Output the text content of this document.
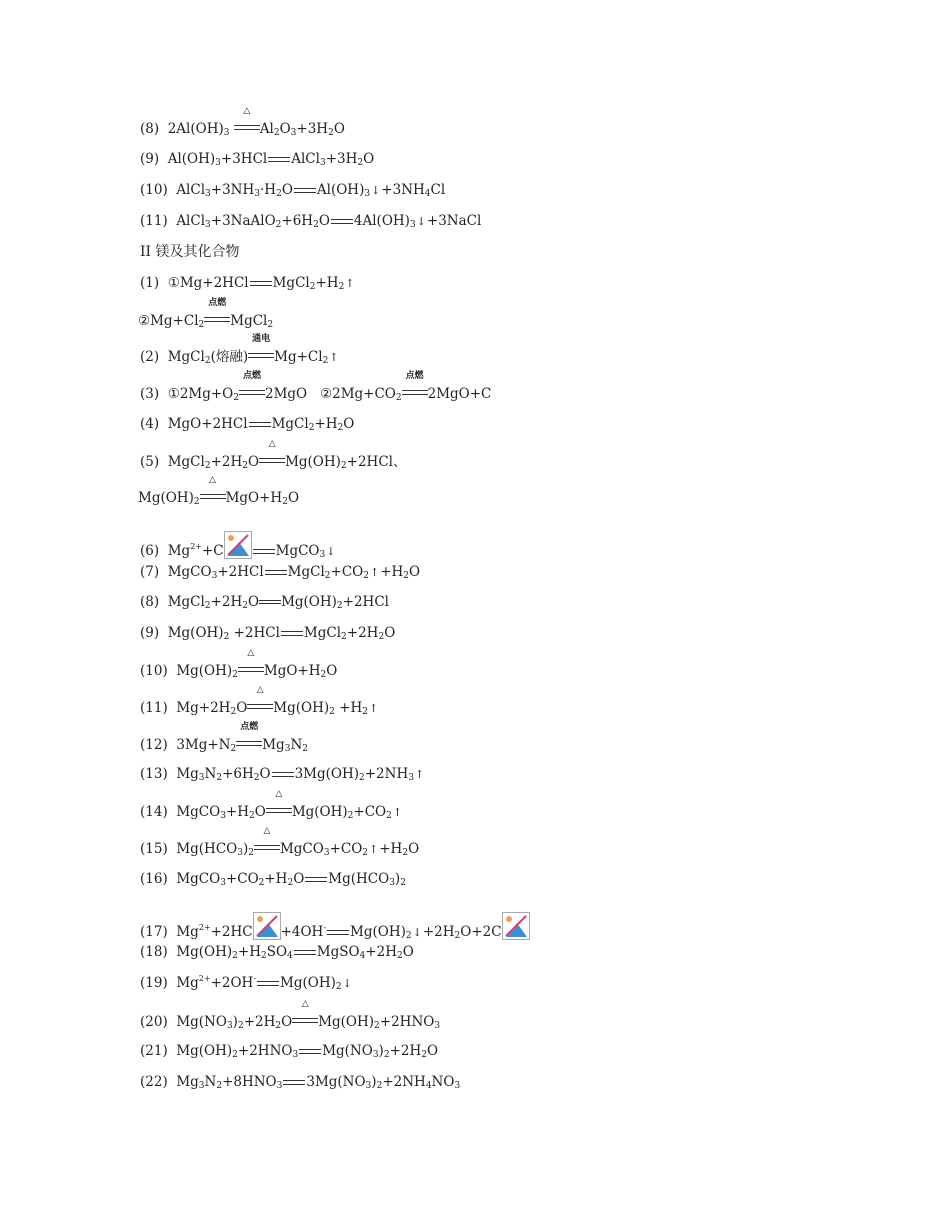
(8) $2Al(OH)_3$
△
$Al_2O_3+3H_2O$
(9) $Al(OH)_3+3HCl$ $AlCl_3+3H_2O$
(10) $AlCl_3+3NH_3\cdot H_2O$ $Al(OH)_3↓+3NH_4Cl$
(11) $AlCl_3+3NaAlO_2+6H_2O$ $4Al(OH)_3↓+3NaCl$
II 镁及其化合物
(1) ①Mg+2HCl $MgCl_2+H_2↑$
$②Mg+Cl_2$
点燃
MgCl$_2$
(2) MgCl$_2$(熔融)
通电
$Mg+Cl_2↑$
(3) $①2Mg+O_2$
点燃
2MgO $②2Mg+CO_2$
点燃
2MgO+C
(4) MgO+2HCl $MgCl_2+H_2O$
(5) $MgCl_2+2H_2O$
△
$Mg(OH)_2+2HCl$、
$Mg(OH)_2$
△
$MgO+H_2O$
(6) $Mg^{2+}+C$	MgCO$_3$↓
(7) MgCO$_3$+2HCl $MgCl_2+CO_2↑+H_2O$
(8) $MgCl_2+2H_2O$ $Mg(OH)_2+2HCl$
(9) $Mg(OH)_2 +2HCl$ $MgCl_2+2H_2O$
(10) $Mg(OH)_2$
△
$MgO+H_2O$
(11) $Mg+2H_2O$
△
$Mg(OH)_2$ $+H_2↑$
(12) $3Mg+N_2$
点燃
$Mg_3N_2$
(13) $Mg_3N_2+6H_2O$ $3Mg(OH)_2+2NH_3↑$
(14) $MgCO_3+H_2O$
△
$Mg(OH)_2+CO_2↑$
(15) $Mg(HCO_3)_2$
△
$MgCO_3+CO_2↑+H_2O$
(16) $MgCO_3+CO_2+H_2O$ $Mg(HCO_3)_2$
(17) $Mg^{2+}+2HC +4OH^-$ $Mg(OH)_2↓+2H_2O+2C$
(18) $Mg(OH)_2+H_2SO_4$ $MgSO_4+2H_2O$
(19) $Mg^{2+}+2OH^-$ $Mg(OH)_2↓$
(20) $Mg(NO_3)_2+2H_2O$
△
$Mg(OH)_2+2HNO_3$
(21) $Mg(OH)_2+2HNO_3$ $Mg(NO_3)_2+2H_2O$
(22) $Mg_3N_2+8HNO_3$ $3Mg(NO_3)_2+2NH_4NO_3$
